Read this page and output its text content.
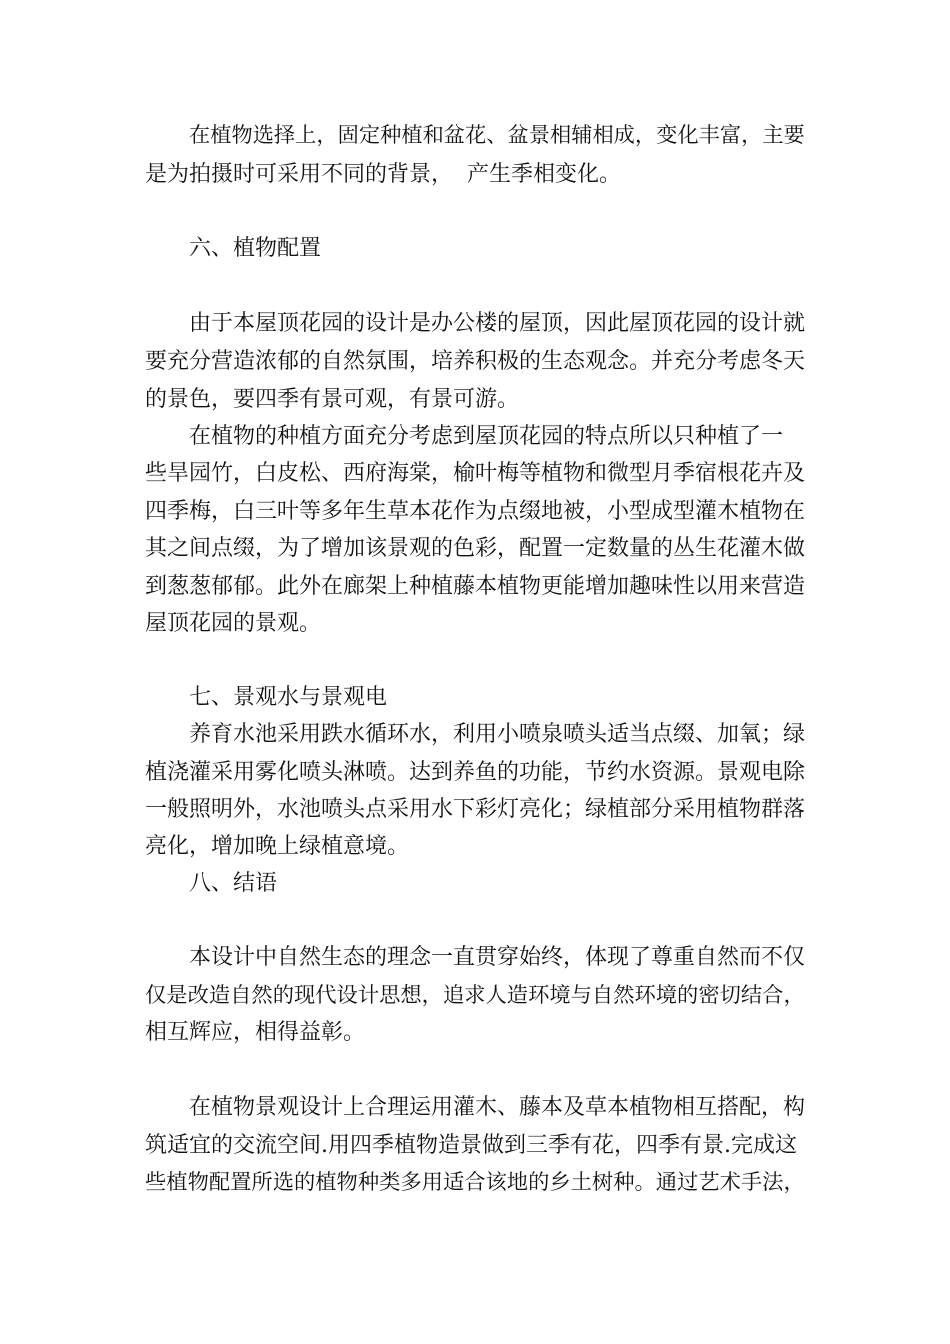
在植物选择上，固定种植和盆花、盆景相辅相成，变化丰富，主要
是为拍摄时可采用不同的背景，  产生季相变化。
六、植物配置
由于本屋顶花园的设计是办公楼的屋顶，因此屋顶花园的设计就
要充分营造浓郁的自然氛围，培养积极的生态观念。并充分考虑冬天
的景色，要四季有景可观，有景可游。
在植物的种植方面充分考虑到屋顶花园的特点所以只种植了一
些旱园竹，白皮松、西府海棠，榆叶梅等植物和微型月季宿根花卉及
四季梅，白三叶等多年生草本花作为点缀地被，小型成型灌木植物在
其之间点缀，为了增加该景观的色彩，配置一定数量的丛生花灌木做
到葱葱郁郁。此外在廊架上种植藤本植物更能增加趣味性以用来营造
屋顶花园的景观。
七、景观水与景观电
养育水池采用跌水循环水，利用小喷泉喷头适当点缀、加氧；绿
植浇灌采用雾化喷头淋喷。达到养鱼的功能，节约水资源。景观电除
一般照明外，水池喷头点采用水下彩灯亮化；绿植部分采用植物群落
亮化，增加晚上绿植意境。
八、结语
本设计中自然生态的理念一直贯穿始终，体现了尊重自然而不仅
仅是改造自然的现代设计思想，追求人造环境与自然环境的密切结合，
相互辉应，相得益彰。
在植物景观设计上合理运用灌木、藤本及草本植物相互搭配，构
筑适宜的交流空间.用四季植物造景做到三季有花，四季有景.完成这
些植物配置所选的植物种类多用适合该地的乡土树种。通过艺术手法，
